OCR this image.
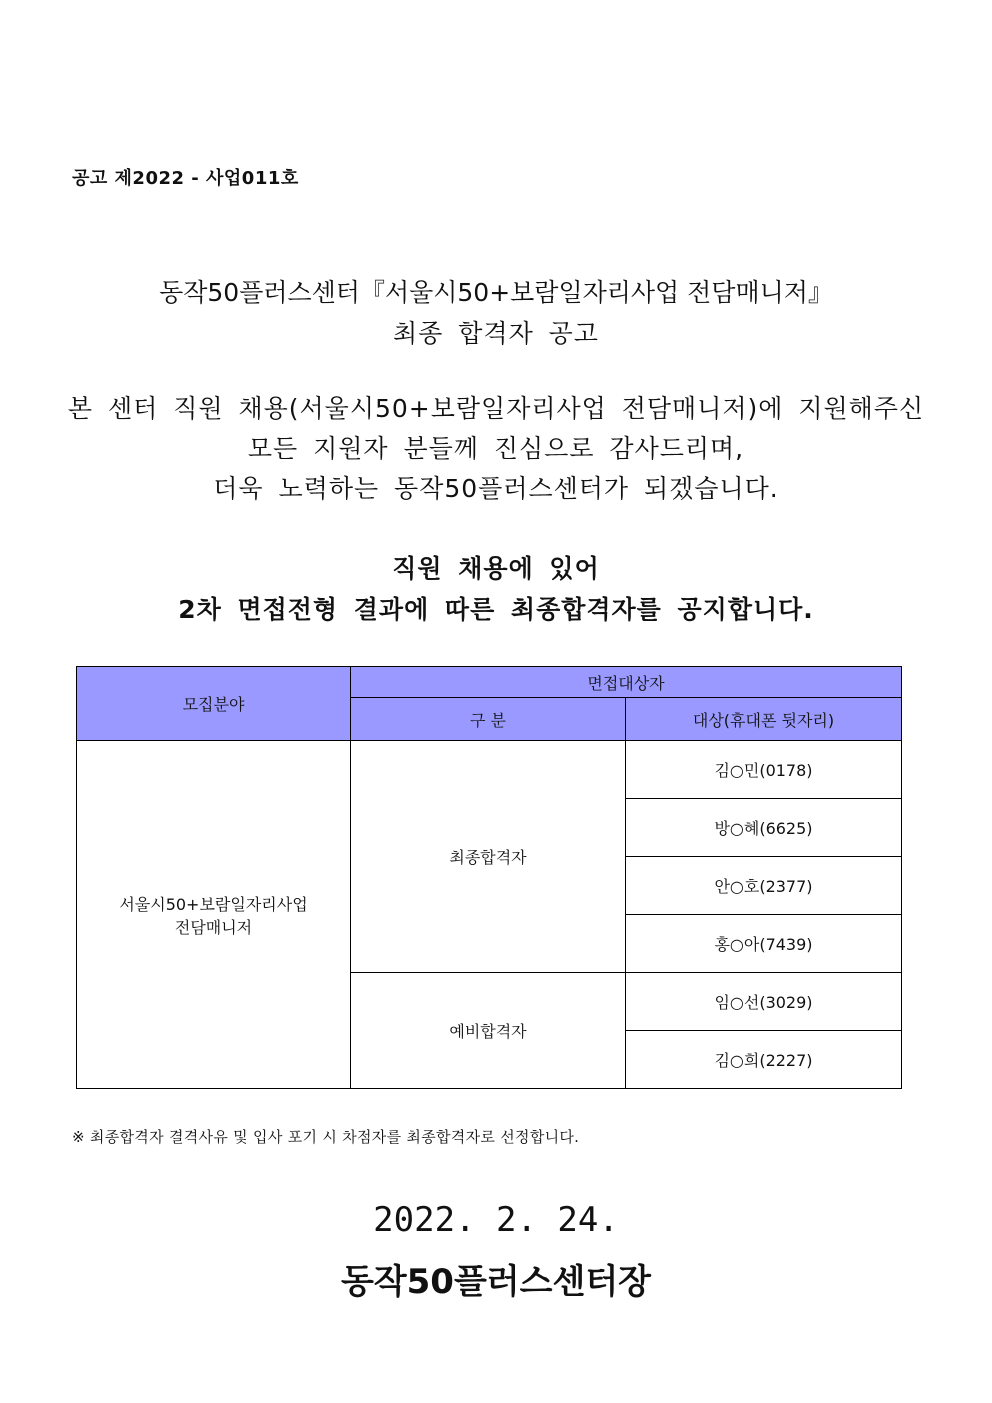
공고 제2022 - 사업011호
동작50플러스센터『서울시50+보람일자리사업 전담매니저』
최종 합격자 공고
본 센터 직원 채용(서울시50+보람일자리사업 전담매니저)에 지원해주신
모든 지원자 분들께 진심으로 감사드리며,
더욱 노력하는 동작50플러스센터가 되겠습니다.
직원 채용에 있어
2차 면접전형 결과에 따른 최종합격자를 공지합니다.
모집분야	면접대상자	
	구 분	대상(휴대폰 뒷자리)

서울시50+보람일자리사업
전담매니저	최종합격자	김○민(0178)
		방○혜(6625)
		안○호(2377)
		홍○아(7439)
	예비합격자	임○선(3029)
		김○희(2227)
※ 최종합격자 결격사유 및 입사 포기 시 차점자를 최종합격자로 선정합니다.
2022. 2. 24.
동작50플러스센터장
